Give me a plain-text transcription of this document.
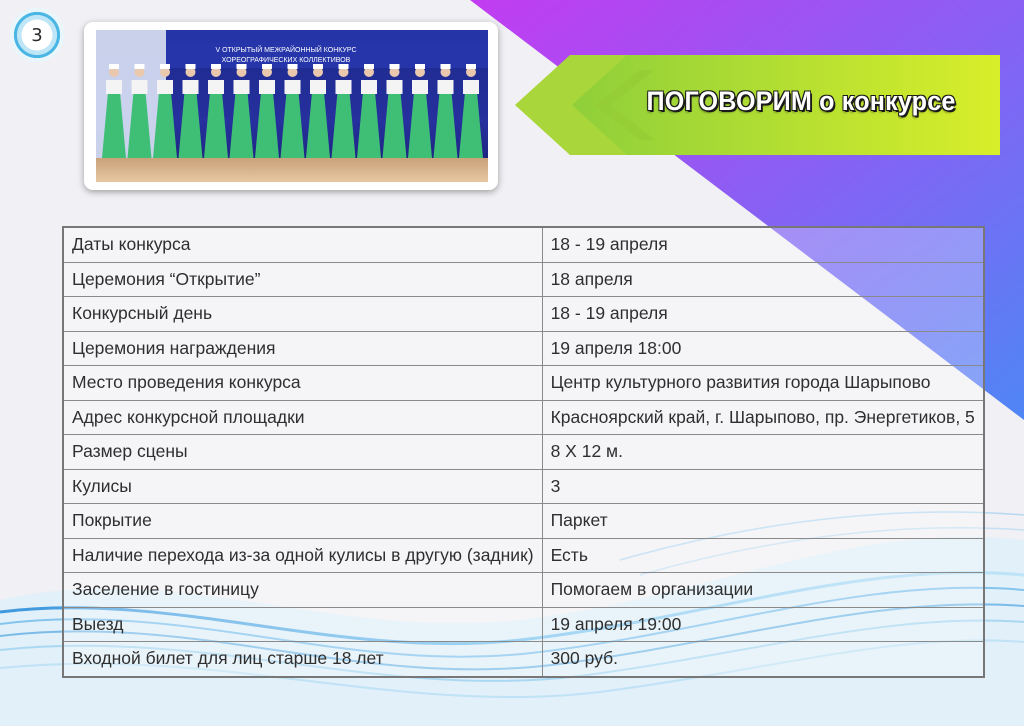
3
V ОТКРЫТЫЙ МЕЖРАЙОННЫЙ КОНКУРС
ХОРЕОГРАФИЧЕСКИХ КОЛЛЕКТИВОВ
ПОГОВОРИМ о конкурсе
Даты конкурса	18 - 19 апреля
Церемония “Открытие”	18 апреля
Конкурсный день	18 - 19 апреля
Церемония награждения	19 апреля 18:00
Место проведения конкурса	Центр культурного развития города Шарыпово
Адрес конкурсной площадки	Красноярский край, г. Шарыпово, пр. Энергетиков, 5
Размер сцены	8 Х 12 м.
Кулисы	3
Покрытие	Паркет
Наличие перехода из-за одной кулисы в другую (задник)	Есть
Заселение в гостиницу	Помогаем в организации
Выезд	19 апреля 19:00
Входной билет для лиц старше 18 лет	300 руб.
